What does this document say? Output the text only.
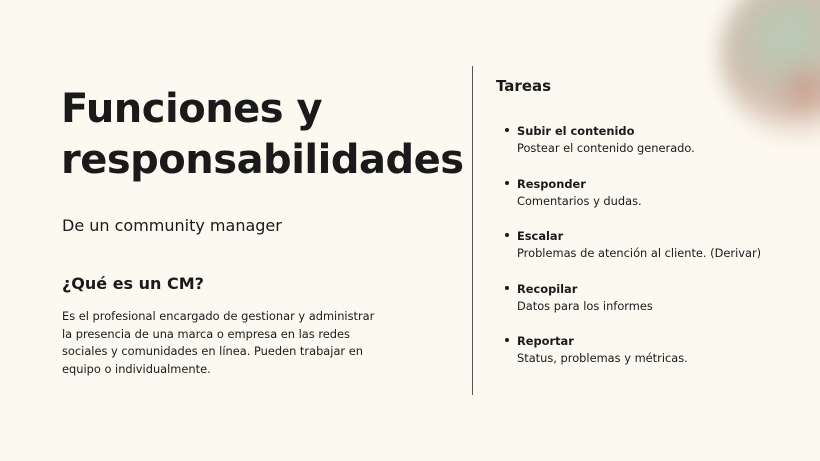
Funciones y responsabilidades
De un community manager
¿Qué es un CM?

Es el profesional encargado de gestionar y administrar la presencia de una marca o empresa en las redes sociales y comunidades en línea. Pueden trabajar en equipo o individualmente.

Tareas
Subir el contenido
Postear el contenido generado.
Responder
Comentarios y dudas.
Escalar
Problemas de atención al cliente. (Derivar)
Recopilar
Datos para los informes
Reportar
Status, problemas y métricas.
